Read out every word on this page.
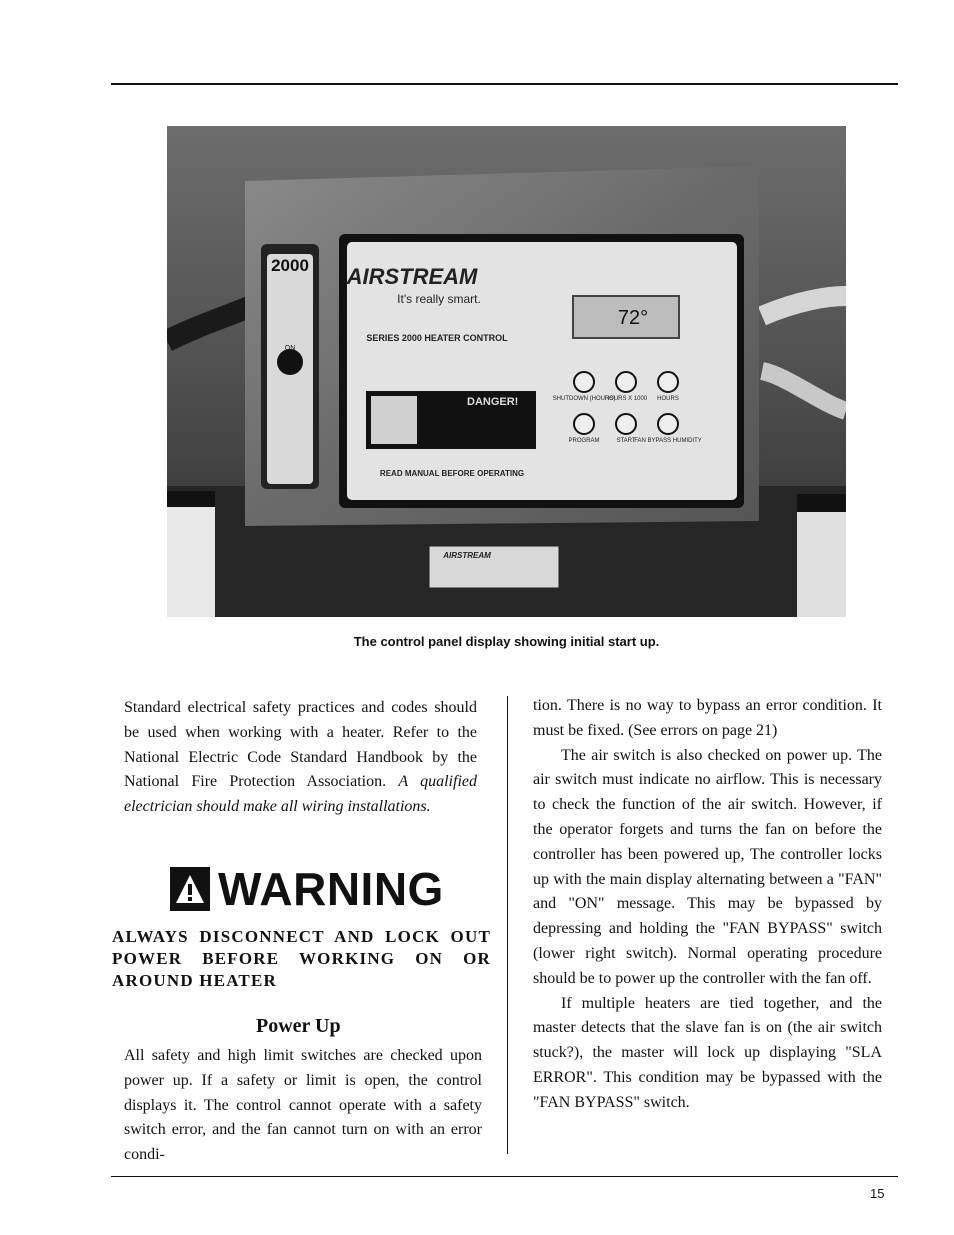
2000
ON
AIRSTREAM
It's really smart.
SERIES 2000 HEATER CONTROL
72°
DANGER!	SHUTDOWN (HOURS)
HOURS X 1000 HOURS
PROGRAM	START
FAN BYPASS HUMIDITY
READ MANUAL BEFORE OPERATING
AIRSTREAM
The control panel display showing initial start up.
Standard electrical safety practices and codes should be used when working with a heater. Refer to the National Electric Code Standard Handbook by the National Fire Protection Association. A qualified electrician should make all wiring installations.
WARNING
ALWAYS DISCONNECT AND LOCK OUT POWER BEFORE WORKING ON OR AROUND HEATER
Power Up
All safety and high limit switches are checked upon power up. If a safety or limit is open, the control displays it. The control cannot operate with a safety switch error, and the fan cannot turn on with an error condi-
tion. There is no way to bypass an error condition. It must be fixed. (See errors on page 21)
The air switch is also checked on power up. The air switch must indicate no airflow. This is necessary to check the function of the air switch. However, if the operator forgets and turns the fan on before the controller has been powered up, The controller locks up with the main display alternating between a "FAN" and "ON" message. This may be bypassed by depressing and holding the "FAN BYPASS" switch (lower right switch). Normal operating procedure should be to power up the controller with the fan off.
If multiple heaters are tied together, and the master detects that the slave fan is on (the air switch stuck?), the master will lock up displaying "SLA ERROR". This condition may be bypassed with the "FAN BYPASS" switch.
15
